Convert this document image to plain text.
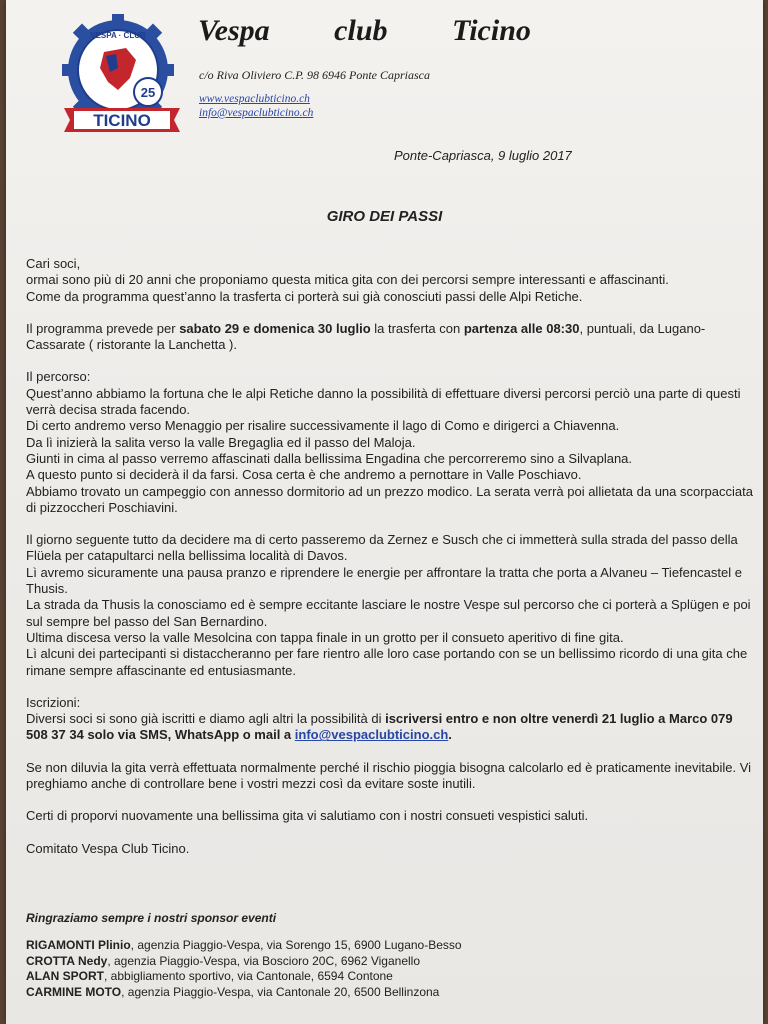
25
VESPA · CLUB
TICINO
Vespa   club   Ticino
c/o Riva Oliviero C.P. 98 6946 Ponte Capriasca
www.vespaclubticino.ch
info@vespaclubticino.ch
Ponte-Capriasca, 9 luglio 2017
GIRO DEI PASSI

Cari soci,
ormai sono più di 20 anni che proponiamo questa mitica gita con dei percorsi sempre interessanti e affascinanti.
Come da programma quest’anno la trasferta ci porterà sui già conosciuti passi delle Alpi Retiche.

Il programma prevede per sabato 29 e domenica 30 luglio la trasferta con partenza alle 08:30, puntuali, da Lugano-Cassarate ( ristorante la Lanchetta ).

Il percorso:
Quest’anno abbiamo la fortuna che le alpi Retiche danno la possibilità di effettuare diversi percorsi perciò una parte di questi verrà decisa strada facendo.
Di certo andremo verso Menaggio per risalire successivamente il lago di Como e dirigerci a Chiavenna.
Da lì inizierà la salita verso la valle Bregaglia ed il passo del Maloja.
Giunti in cima al passo verremo affascinati dalla bellissima Engadina che percorreremo sino a Silvaplana.
A questo punto si deciderà il da farsi. Cosa certa è che andremo a pernottare in Valle Poschiavo.
Abbiamo trovato un campeggio con annesso dormitorio ad un prezzo modico. La serata verrà poi allietata da una scorpacciata di pizzoccheri Poschiavini.

Il giorno seguente tutto da decidere ma di certo passeremo da Zernez e Susch che ci immetterà sulla strada del passo della Flüela per catapultarci nella bellissima località di Davos.
Lì avremo sicuramente una pausa pranzo e riprendere le energie per affrontare la tratta che porta a Alvaneu – Tiefencastel e Thusis.
La strada da Thusis la conosciamo ed è sempre eccitante lasciare le nostre Vespe sul percorso che ci porterà a Splügen e poi sul sempre bel passo del San Bernardino.
Ultima discesa verso la valle Mesolcina con tappa finale in un grotto per il consueto aperitivo di fine gita.
Lì alcuni dei partecipanti si distaccheranno per fare rientro alle loro case portando con se un bellissimo ricordo di una gita che rimane sempre affascinante ed entusiasmante.

Iscrizioni:
Diversi soci si sono già iscritti e diamo agli altri la possibilità di iscriversi entro e non oltre venerdì 21 luglio a Marco 079 508 37 34 solo via SMS, WhatsApp o mail a info@vespaclubticino.ch.

Se non diluvia la gita verrà effettuata normalmente perché il rischio pioggia bisogna calcolarlo ed è praticamente inevitabile. Vi preghiamo anche di controllare bene i vostri mezzi così da evitare soste inutili.

Certi di proporvi nuovamente una bellissima gita vi salutiamo con i nostri consueti vespistici saluti.

Comitato Vespa Club Ticino.

Ringraziamo sempre i nostri sponsor eventi
RIGAMONTI Plinio, agenzia Piaggio-Vespa, via Sorengo 15, 6900 Lugano-Besso
CROTTA Nedy, agenzia Piaggio-Vespa, via Boscioro 20C, 6962 Viganello
ALAN SPORT, abbigliamento sportivo, via Cantonale, 6594 Contone
CARMINE MOTO, agenzia Piaggio-Vespa, via Cantonale 20, 6500 Bellinzona
